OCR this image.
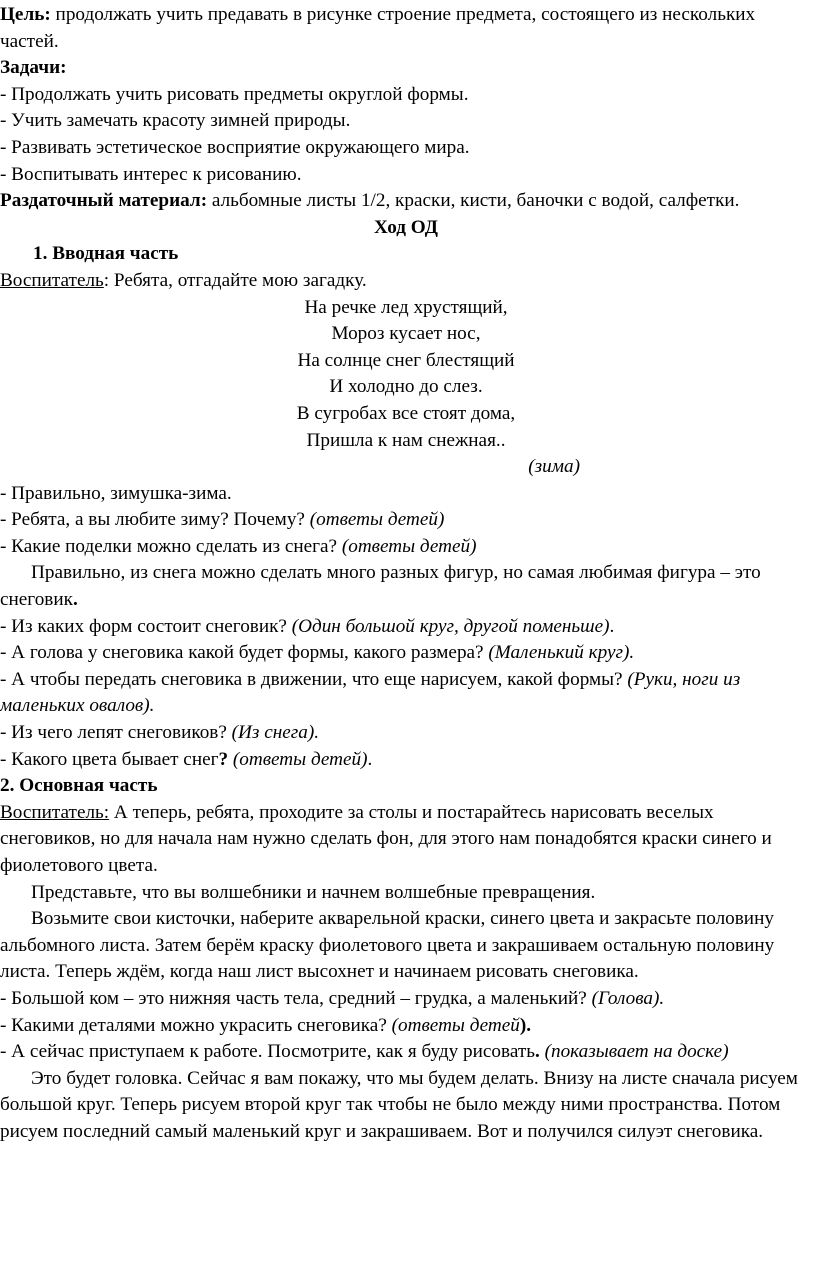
Цель: продолжать учить предавать в рисунке строение предмета, состоящего из нескольких частей.

Задачи:

- Продолжать учить рисовать предметы округлой формы.

- Учить замечать красоту зимней природы.

- Развивать эстетическое восприятие окружающего мира.

- Воспитывать интерес к рисованию.

Раздаточный материал: альбомные листы 1/2, краски, кисти, баночки с водой, салфетки.

Ход ОД

1. Вводная часть

Воспитатель: Ребята, отгадайте мою загадку.

На речке лед хрустящий,

Мороз кусает нос,

На солнце снег блестящий

И холодно до слез.

В сугробах все стоят дома,

Пришла к нам снежная..

(зима)

- Правильно, зимушка-зима.

- Ребята, а вы любите зиму? Почему? (ответы детей)

- Какие поделки можно сделать из снега? (ответы детей)

Правильно, из снега можно сделать много разных фигур, но самая любимая фигура – это снеговик.

- Из каких форм состоит снеговик? (Один большой круг, другой поменьше).

- А голова у снеговика какой будет формы, какого размера? (Маленький круг).

- А чтобы передать снеговика в движении, что еще нарисуем, какой формы? (Руки, ноги из маленьких овалов).

- Из чего лепят снеговиков? (Из снега).

- Какого цвета бывает снег? (ответы детей).

2. Основная часть

Воспитатель: А теперь, ребята, проходите за столы и постарайтесь нарисовать веселых снеговиков, но для начала нам нужно сделать фон, для этого нам понадобятся краски синего и фиолетового цвета.

Представьте, что вы волшебники и начнем волшебные превращения.

Возьмите свои кисточки, наберите акварельной краски, синего цвета и закрасьте половину альбомного листа. Затем берём краску фиолетового цвета и закрашиваем остальную половину листа. Теперь ждём, когда наш лист высохнет и начинаем рисовать снеговика.

- Большой ком – это нижняя часть тела, средний – грудка, а маленький? (Голова).

- Какими деталями можно украсить снеговика? (ответы детей).

- А сейчас приступаем к работе. Посмотрите, как я буду рисовать. (показывает на доске)

Это будет головка. Сейчас я вам покажу, что мы будем делать. Внизу на листе сначала рисуем большой круг. Теперь рисуем второй круг так чтобы не было между ними пространства. Потом рисуем последний самый маленький круг и закрашиваем. Вот и получился силуэт снеговика.
